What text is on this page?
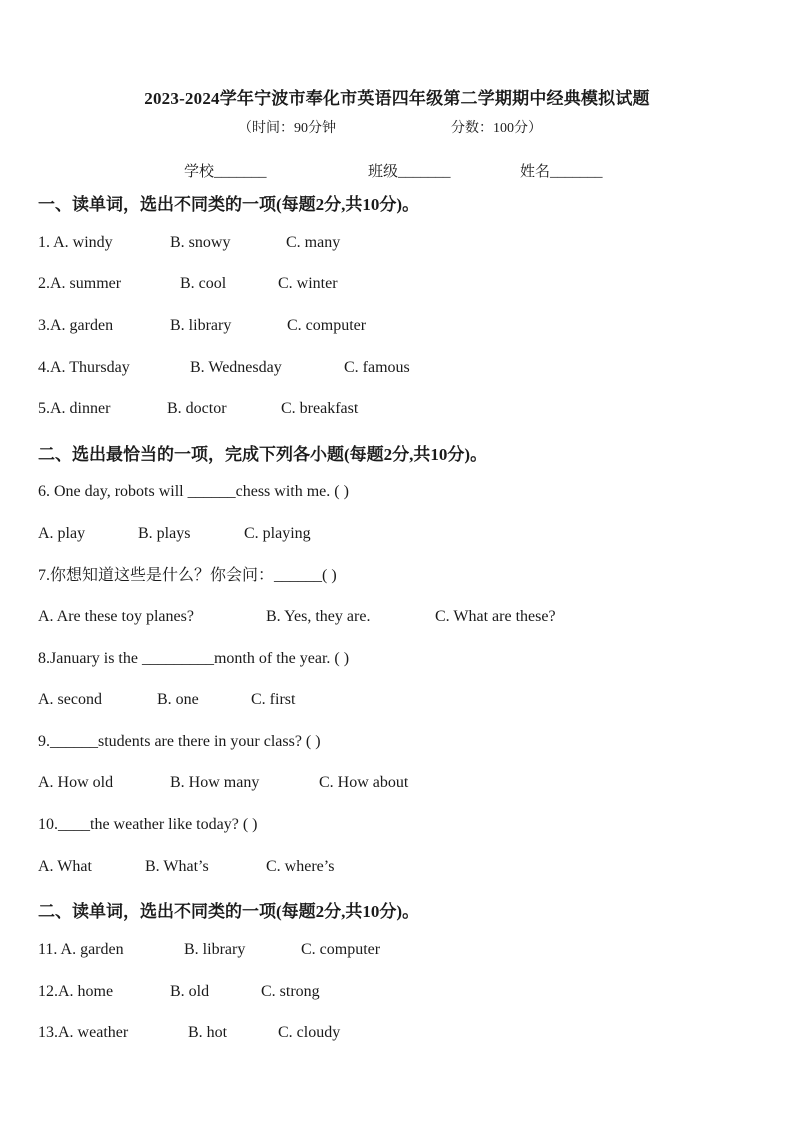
2023-2024学年宁波市奉化市英语四年级第二学期期中经典模拟试题
（时间：90分钟	分数：100分）
学校_______	班级_______	姓名_______
一、读单词，选出不同类的一项(每题2分,共10分)。
1. A. windy	B. snowy	C. many
2.A. summer	B. cool	C. winter
3.A. garden	B. library	C. computer
4.A. Thursday	B. Wednesday	C. famous
5.A. dinner	B. doctor	C. breakfast
二、选出最恰当的一项，完成下列各小题(每题2分,共10分)。
6. One day, robots will ______chess with me. ( )
A. play	B. plays	C. playing
7.你想知道这些是什么？你会问：______( )
A. Are these toy planes?	B. Yes, they are.	C. What are these?
8.January is the _________month of the year. ( )
A. second	B. one	C. first
9.______students are there in your class? ( )
A. How old	B. How many	C. How about
10.____the weather like today? ( )
A. What	B. What’s	C. where’s
二、读单词，选出不同类的一项(每题2分,共10分)。
11. A. garden	B. library	C. computer
12.A. home	B. old	C. strong
13.A. weather	B. hot	C. cloudy
